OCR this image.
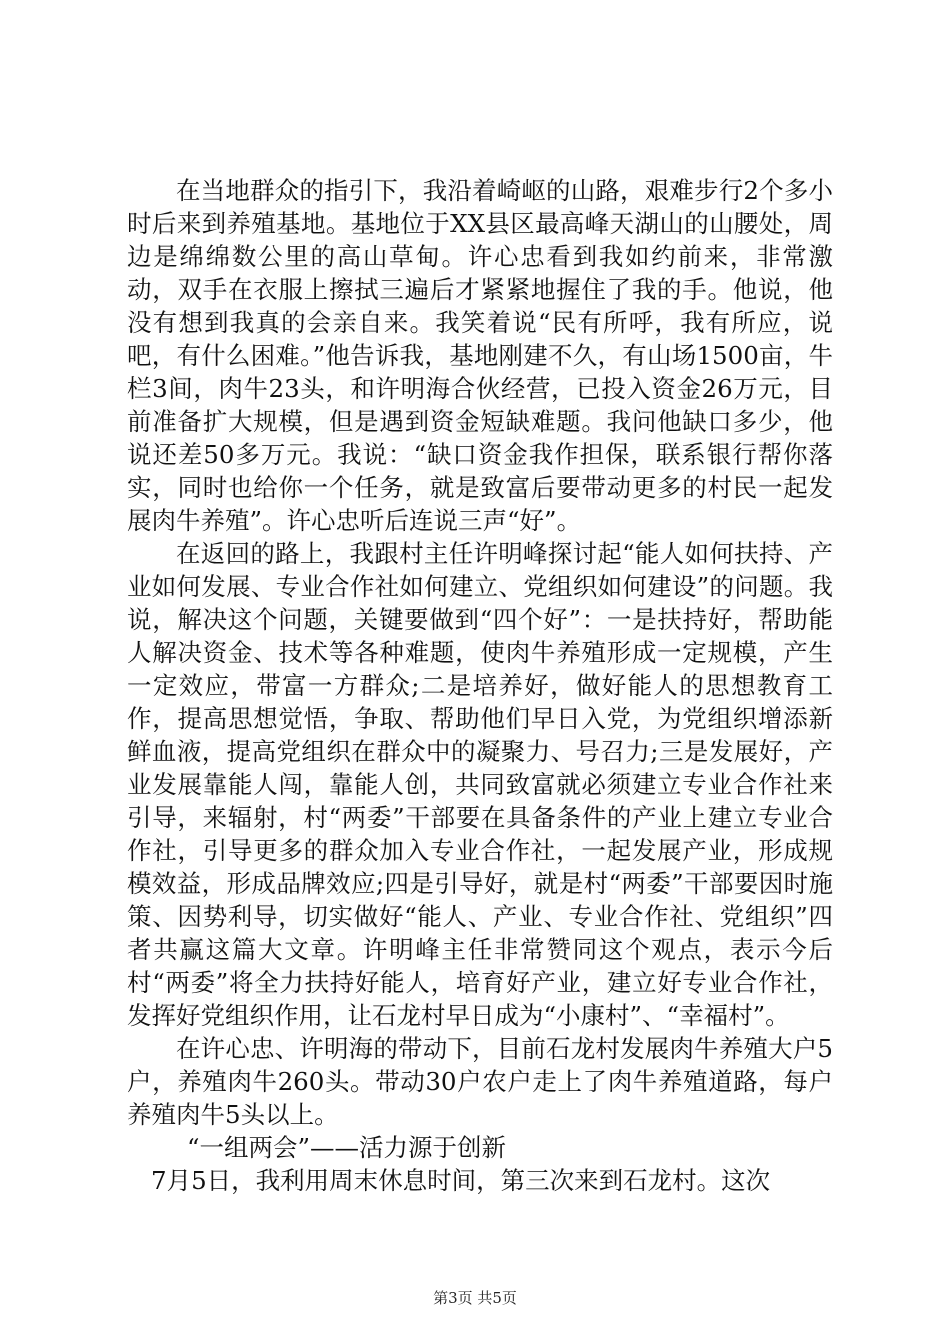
在当地群众的指引下，我沿着崎岖的山路，艰难步行2个多小时后来到养殖基地。基地位于XX县区最高峰天湖山的山腰处，周边是绵绵数公里的高山草甸。许心忠看到我如约前来，非常激动，双手在衣服上擦拭三遍后才紧紧地握住了我的手。他说，他没有想到我真的会亲自来。我笑着说“民有所呼，我有所应，说吧，有什么困难。”他告诉我，基地刚建不久，有山场1500亩，牛栏3间，肉牛23头，和许明海合伙经营，已投入资金26万元，目前准备扩大规模，但是遇到资金短缺难题。我问他缺口多少，他说还差50多万元。我说：“缺口资金我作担保，联系银行帮你落实，同时也给你一个任务，就是致富后要带动更多的村民一起发展肉牛养殖”。许心忠听后连说三声“好”。

在返回的路上，我跟村主任许明峰探讨起“能人如何扶持、产业如何发展、专业合作社如何建立、党组织如何建设”的问题。我说，解决这个问题，关键要做到“四个好”：一是扶持好，帮助能人解决资金、技术等各种难题，使肉牛养殖形成一定规模，产生一定效应，带富一方群众;二是培养好，做好能人的思想教育工作，提高思想觉悟，争取、帮助他们早日入党，为党组织增添新鲜血液，提高党组织在群众中的凝聚力、号召力;三是发展好，产业发展靠能人闯，靠能人创，共同致富就必须建立专业合作社来引导，来辐射，村“两委”干部要在具备条件的产业上建立专业合作社，引导更多的群众加入专业合作社，一起发展产业，形成规模效益，形成品牌效应;四是引导好，就是村“两委”干部要因时施策、因势利导，切实做好“能人、产业、专业合作社、党组织”四者共赢这篇大文章。许明峰主任非常赞同这个观点，表示今后村“两委”将全力扶持好能人，培育好产业，建立好专业合作社，发挥好党组织作用，让石龙村早日成为“小康村”、“幸福村”。

在许心忠、许明海的带动下，目前石龙村发展肉牛养殖大户5户，养殖肉牛260头。带动30户农户走上了肉牛养殖道路，每户养殖肉牛5头以上。

“一组两会”——活力源于创新

7月5日，我利用周末休息时间，第三次来到石龙村。这次

第3页 共5页
